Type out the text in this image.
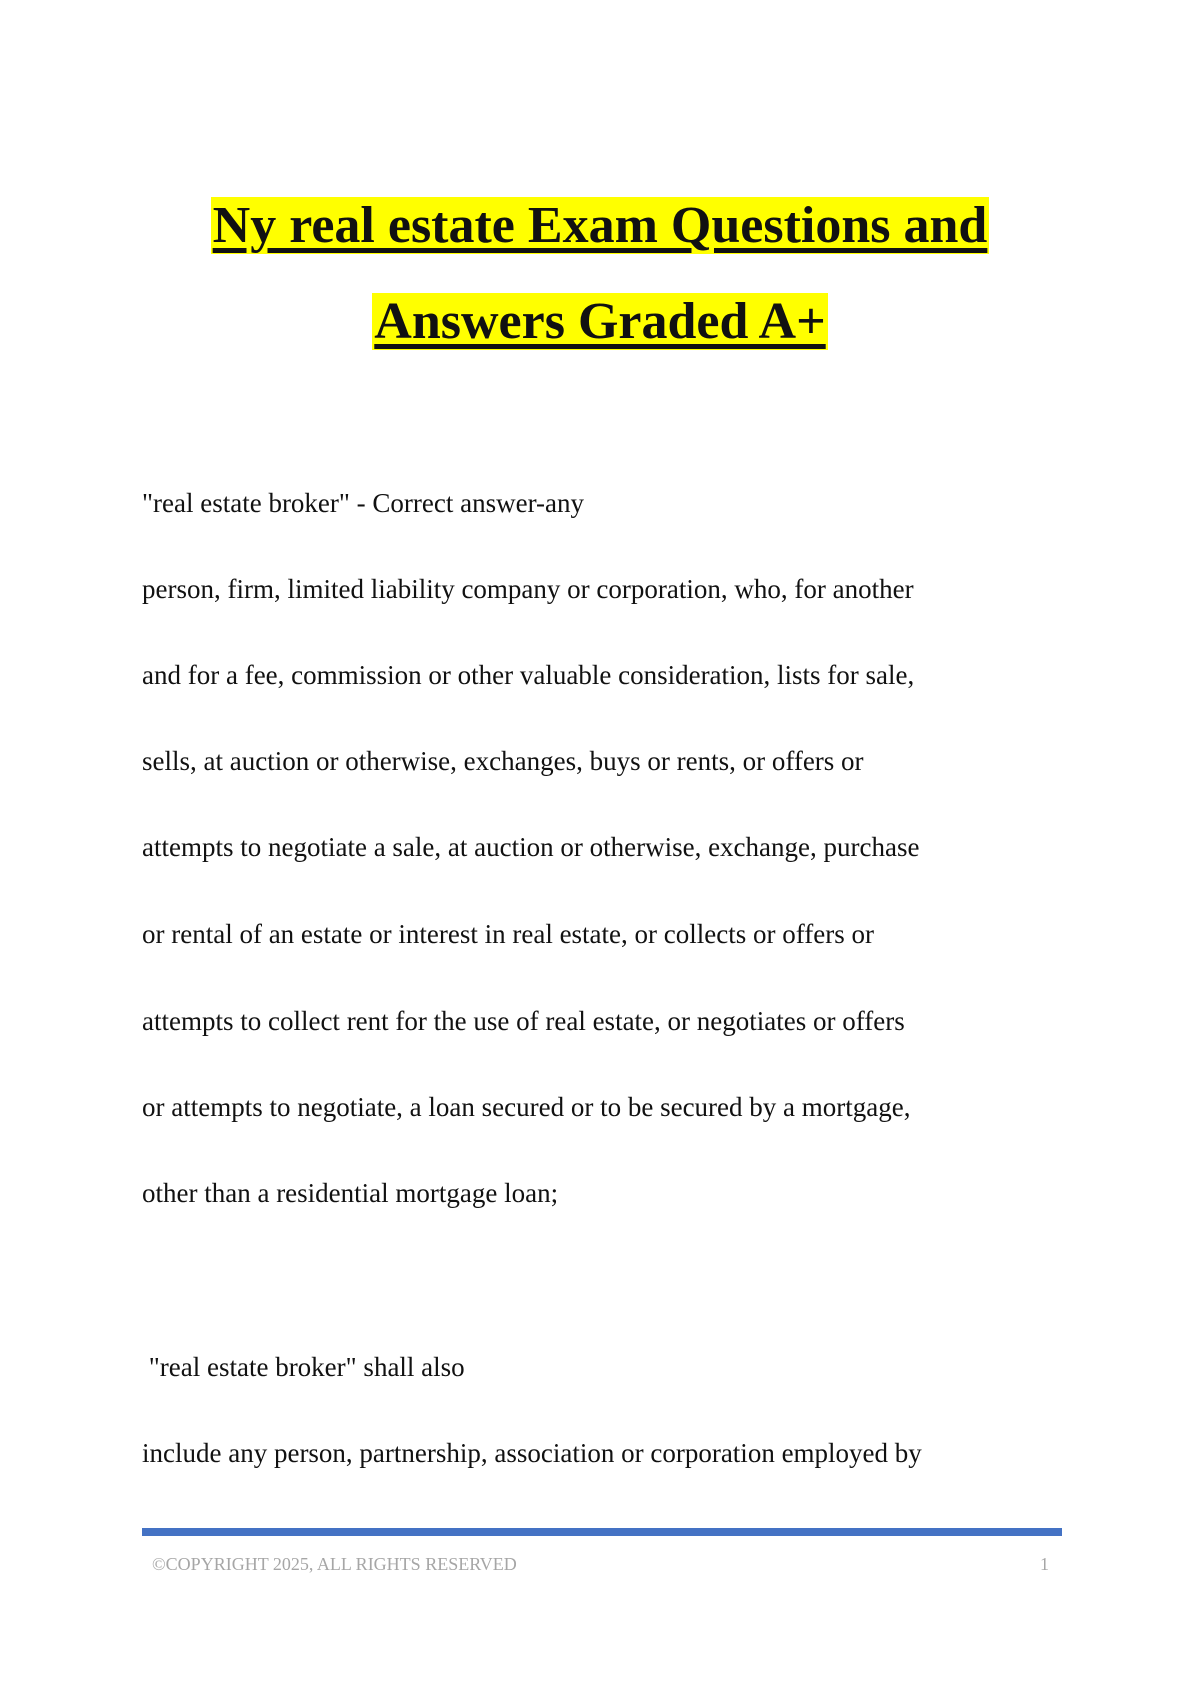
Ny real estate Exam Questions and
Answers Graded A+

"real estate broker" - Correct answer-any

person, firm, limited liability company or corporation, who, for another

and for a fee, commission or other valuable consideration, lists for sale,

sells, at auction or otherwise, exchanges, buys or rents, or offers or

attempts to negotiate a sale, at auction or otherwise, exchange, purchase

or rental of an estate or interest in real estate, or collects or offers or

attempts to collect rent for the use of real estate, or negotiates or offers

or attempts to negotiate, a loan secured or to be secured by a mortgage,

other than a residential mortgage loan;

"real estate broker" shall also

include any person, partnership, association or corporation employed by

©COPYRIGHT 2025, ALL RIGHTS RESERVED	1
